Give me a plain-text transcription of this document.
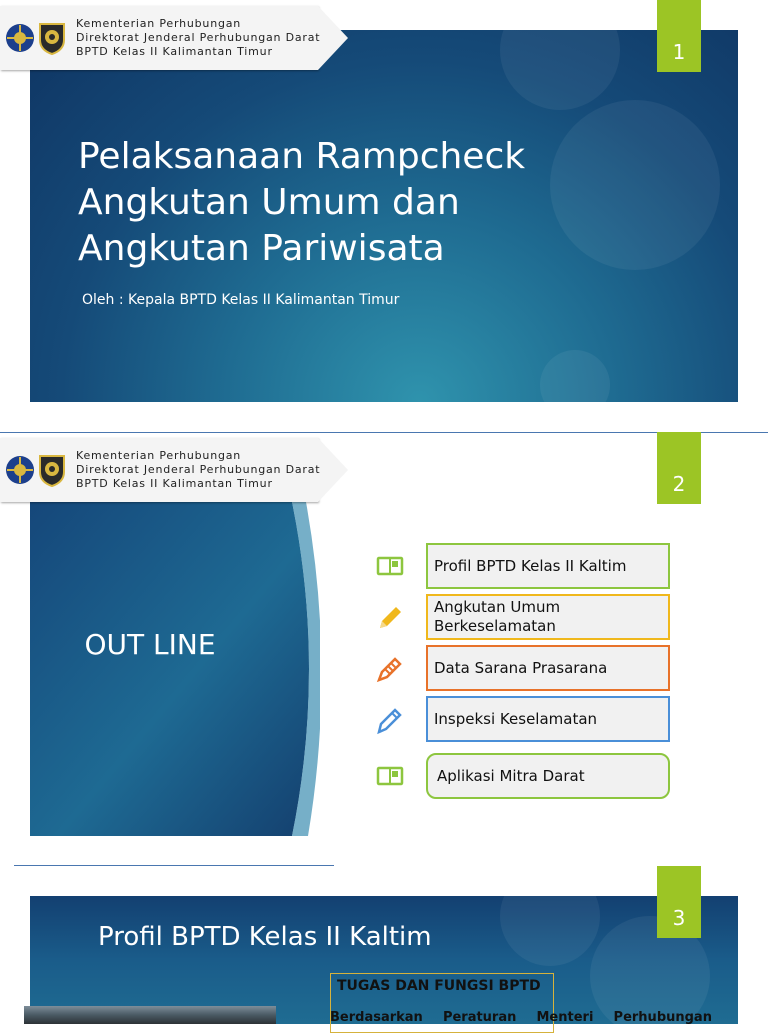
Kementerian Perhubungan
Direktorat Jenderal Perhubungan Darat
BPTD Kelas II Kalimantan Timur	1
Pelaksanaan Rampcheck
Angkutan Umum dan
Angkutan Pariwisata
Oleh : Kepala BPTD Kelas II Kalimantan Timur
Kementerian Perhubungan
Direktorat Jenderal Perhubungan Darat
BPTD Kelas II Kalimantan Timur	2
OUT LINE
Profil BPTD Kelas II Kaltim
Angkutan Umum Berkeselamatan
Data Sarana Prasarana
Inspeksi Keselamatan
Aplikasi Mitra Darat
3
Profil BPTD Kelas II Kaltim
TUGAS DAN FUNGSI BPTD
Berdasarkan Peraturan Menteri Perhubungan
